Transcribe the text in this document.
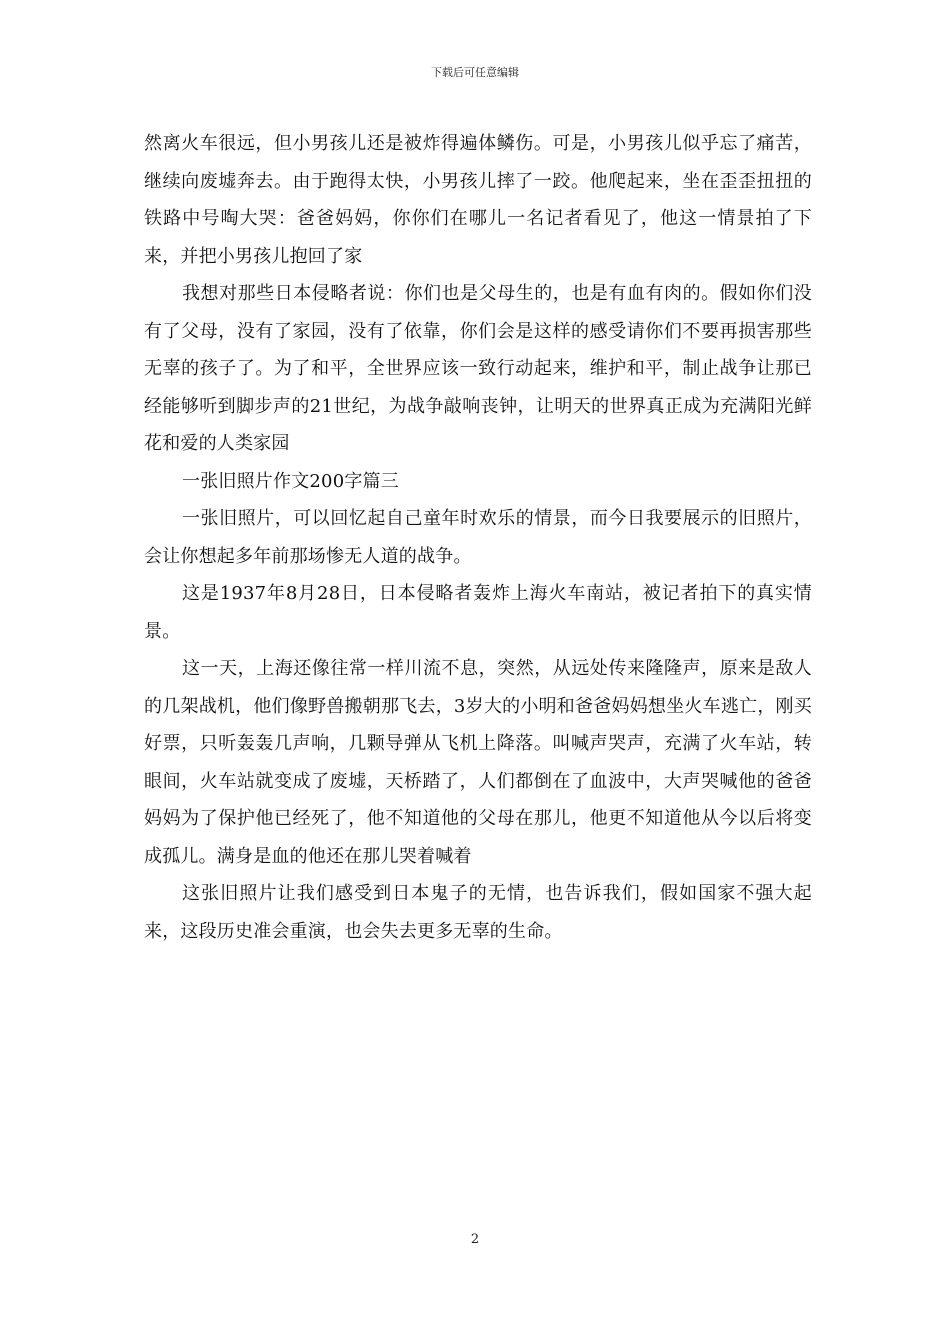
下载后可任意编辑

然离火车很远，但小男孩儿还是被炸得遍体鳞伤。可是，小男孩儿似乎忘了痛苦，继续向废墟奔去。由于跑得太快，小男孩儿摔了一跤。他爬起来，坐在歪歪扭扭的铁路中号啕大哭：爸爸妈妈，你你们在哪儿一名记者看见了，他这一情景拍了下来，并把小男孩儿抱回了家

我想对那些日本侵略者说：你们也是父母生的，也是有血有肉的。假如你们没有了父母，没有了家园，没有了依靠，你们会是这样的感受请你们不要再损害那些无辜的孩子了。为了和平，全世界应该一致行动起来，维护和平，制止战争让那已经能够听到脚步声的21世纪，为战争敲响丧钟，让明天的世界真正成为充满阳光鲜花和爱的人类家园

一张旧照片作文200字篇三

一张旧照片，可以回忆起自己童年时欢乐的情景，而今日我要展示的旧照片，会让你想起多年前那场惨无人道的战争。

这是1937年8月28日，日本侵略者轰炸上海火车南站，被记者拍下的真实情景。

这一天，上海还像往常一样川流不息，突然，从远处传来隆隆声，原来是敌人的几架战机，他们像野兽搬朝那飞去，3岁大的小明和爸爸妈妈想坐火车逃亡，刚买好票，只听轰轰几声响，几颗导弹从飞机上降落。叫喊声哭声，充满了火车站，转眼间，火车站就变成了废墟，天桥踏了，人们都倒在了血波中，大声哭喊他的爸爸妈妈为了保护他已经死了，他不知道他的父母在那儿，他更不知道他从今以后将变成孤儿。满身是血的他还在那儿哭着喊着

这张旧照片让我们感受到日本鬼子的无情，也告诉我们，假如国家不强大起来，这段历史准会重演，也会失去更多无辜的生命。

2
